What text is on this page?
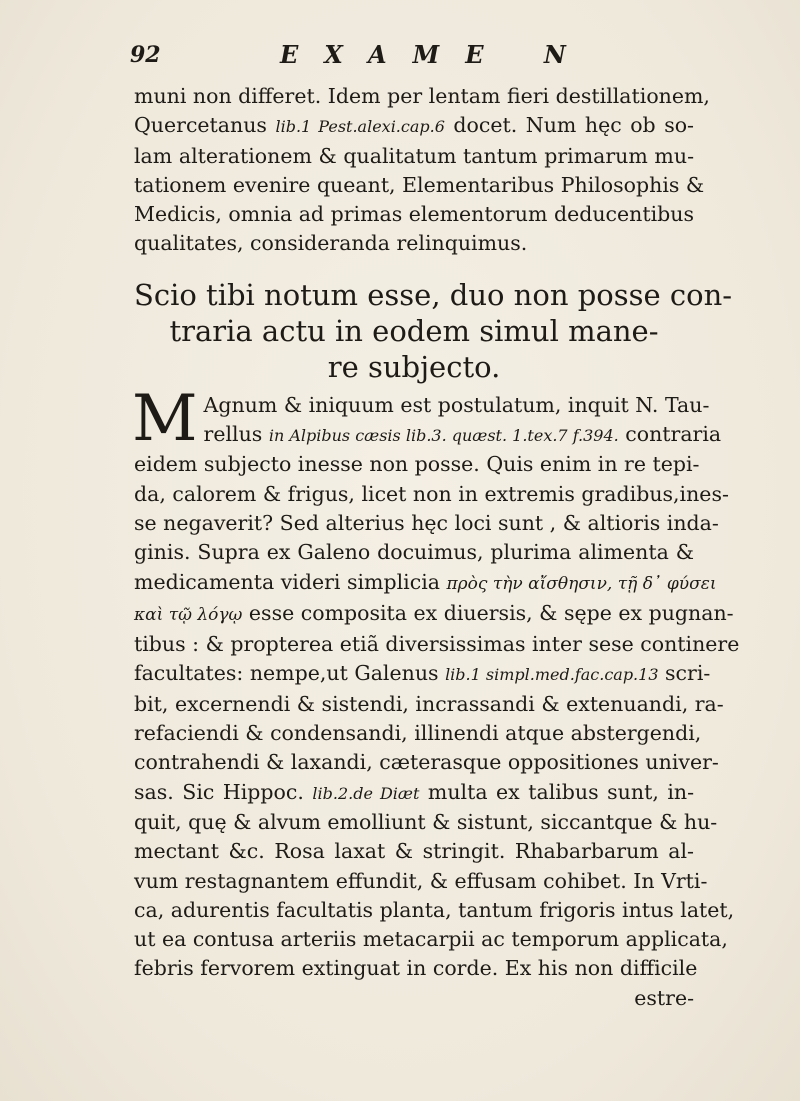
92	EXAME N

muni non differet. Idem per lentam fieri destillationem,
Quercetanus lib.1 Pest.alexi.cap.6 docet. Num hęc ob so-
lam alterationem & qualitatum tantum primarum mu-
tationem evenire queant, Elementaribus Philosophis &
Medicis, omnia ad primas elementorum deducentibus
qualitates, consideranda relinquimus.

Scio tibi notum esse, duo non posse con-
traria actu in eodem simul mane-
re subjecto.

M Agnum & iniquum est postulatum, inquit N. Tau-
rellus in Alpibus cæsis lib.3. quæst. 1.tex.7 f.394. contraria
eidem subjecto inesse non posse. Quis enim in re tepi-
da, calorem & frigus, licet non in extremis gradibus,ines-
se negaverit? Sed alterius hęc loci sunt , & altioris inda-
ginis. Supra ex Galeno docuimus, plurima alimenta &
medicamenta videri simplicia πρὸς τὴν αἴσθησιν, τῇ δ᾽ φύσει
καὶ τῷ λόγῳ esse composita ex diuersis, & sępe ex pugnan-
tibus : & propterea etiã diversissimas inter sese continere
facultates: nempe,ut Galenus lib.1 simpl.med.fac.cap.13 scri-
bit, excernendi & sistendi, incrassandi & extenuandi, ra-
refaciendi & condensandi, illinendi atque abstergendi,
contrahendi & laxandi, cæterasque oppositiones univer-
sas. Sic Hippoc. lib.2.de Diæt multa ex talibus sunt, in-
quit, quę & alvum emolliunt & sistunt, siccantque & hu-
mectant &c. Rosa laxat & stringit. Rhabarbarum al-
vum restagnantem effundit, & effusam cohibet. In Vrti-
ca, adurentis facultatis planta, tantum frigoris intus latet,
ut ea contusa arteriis metacarpii ac temporum applicata,
febris fervorem extinguat in corde. Ex his non difficile
estre-
